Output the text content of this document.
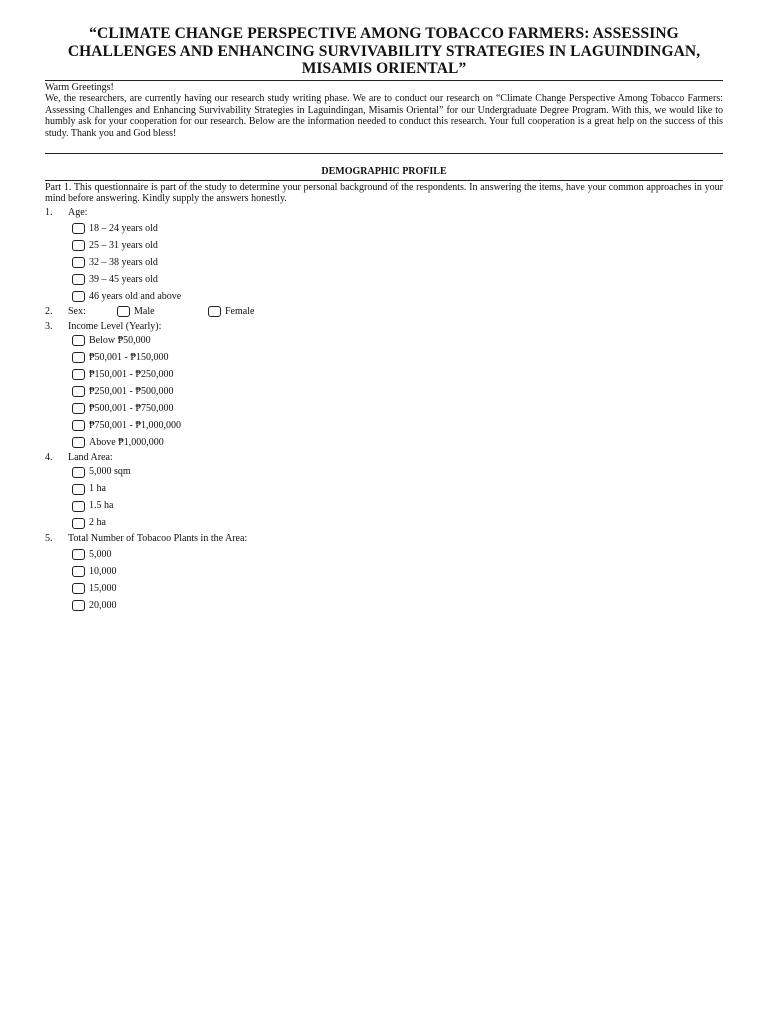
“CLIMATE CHANGE PERSPECTIVE AMONG TOBACCO FARMERS: ASSESSING CHALLENGES AND ENHANCING SURVIVABILITY STRATEGIES IN LAGUINDINGAN, MISAMIS ORIENTAL”

Warm Greetings!

We, the researchers, are currently having our research study writing phase. We are to conduct our research on “Climate Change Perspective Among Tobacco Farmers: Assessing Challenges and Enhancing Survivability Strategies in Laguindingan, Misamis Oriental” for our Undergraduate Degree Program. With this, we would like to humbly ask for your cooperation for our research. Below are the information needed to conduct this research. Your full cooperation is a great help on the success of this study. Thank you and God bless!

DEMOGRAPHIC PROFILE

Part 1. This questionnaire is part of the study to determine your personal background of the respondents. In answering the items, have your common approaches in your mind before answering. Kindly supply the answers honestly.

1.	Age:
18 – 24 years old
25 – 31 years old
32 – 38 years old
39 – 45 years old
46 years old and above
2.	Sex:	Male	Female
3.	Income Level (Yearly):
Below ₱50,000
₱50,001 - ₱150,000
₱150,001 - ₱250,000
₱250,001 - ₱500,000
₱500,001 - ₱750,000
₱750,001 - ₱1,000,000
Above ₱1,000,000
4.	Land Area:
5,000 sqm
1 ha
1.5 ha
2 ha
5.	Total Number of Tobacoo Plants in the Area:
5,000
10,000
15,000
20,000
